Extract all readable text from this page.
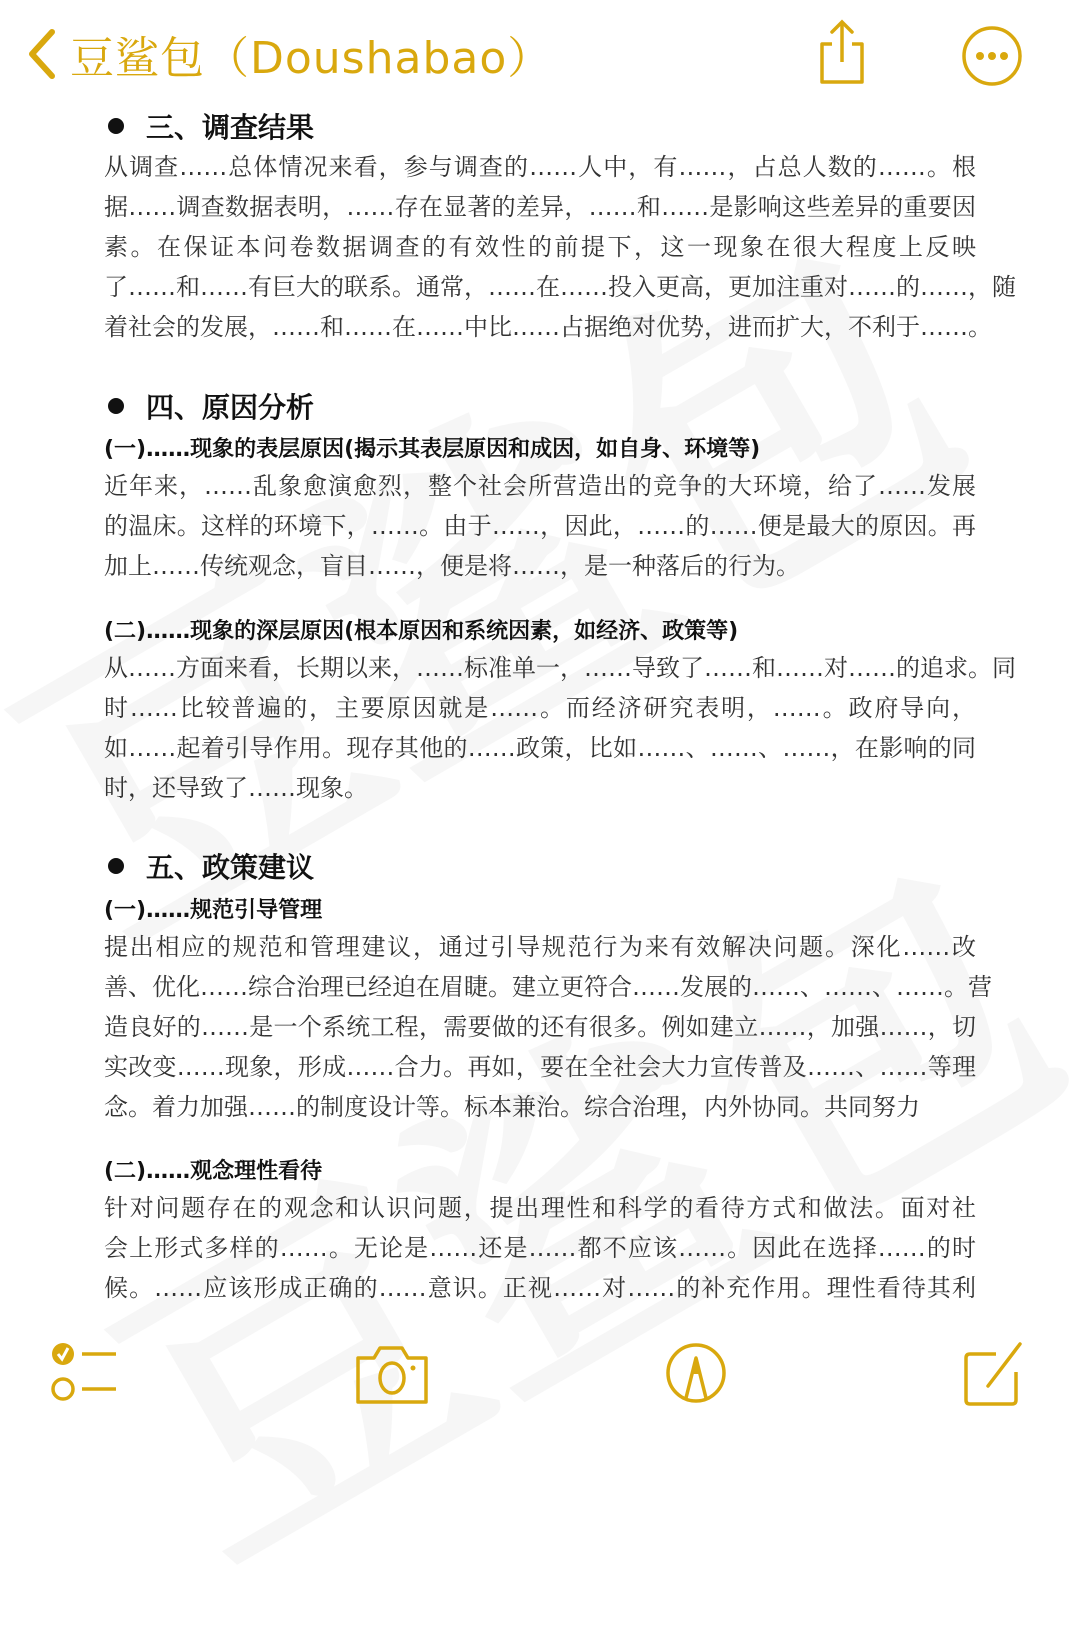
豆鲨包（Doushabao）
三、调查结果
从调查……总体情况来看，参与调查的……人中，有……，占总人数的……。根
据……调查数据表明，……存在显著的差异，……和……是影响这些差异的重要因
素。在保证本问卷数据调查的有效性的前提下，这一现象在很大程度上反映
了……和……有巨大的联系。通常，……在……投入更高，更加注重对……的……，随
着社会的发展，……和……在……中比……占据绝对优势，进而扩大，不利于……。
四、原因分析
(一)……现象的表层原因(揭示其表层原因和成因，如自身、环境等)
近年来，……乱象愈演愈烈，整个社会所营造出的竞争的大环境，给了……发展
的温床。这样的环境下，……。由于……，因此，……的……便是最大的原因。再
加上……传统观念，盲目……，便是将……，是一种落后的行为。
(二)……现象的深层原因(根本原因和系统因素，如经济、政策等)
从……方面来看，长期以来，……标准单一，……导致了……和……对……的追求。同
时……比较普遍的，主要原因就是……。而经济研究表明，……。政府导向，
如……起着引导作用。现存其他的……政策，比如……、……、……，在影响的同
时，还导致了……现象。
五、政策建议
(一)……规范引导管理
提出相应的规范和管理建议，通过引导规范行为来有效解决问题。深化……改
善、优化……综合治理已经迫在眉睫。建立更符合……发展的……、……、……。营
造良好的……是一个系统工程，需要做的还有很多。例如建立……，加强……，切
实改变……现象，形成……合力。再如，要在全社会大力宣传普及……、……等理
念。着力加强……的制度设计等。标本兼治。综合治理，内外协同。共同努力
(二)……观念理性看待
针对问题存在的观念和认识问题，提出理性和科学的看待方式和做法。面对社
会上形式多样的……。无论是……还是……都不应该……。因此在选择……的时
候。……应该形成正确的……意识。正视……对……的补充作用。理性看待其利
